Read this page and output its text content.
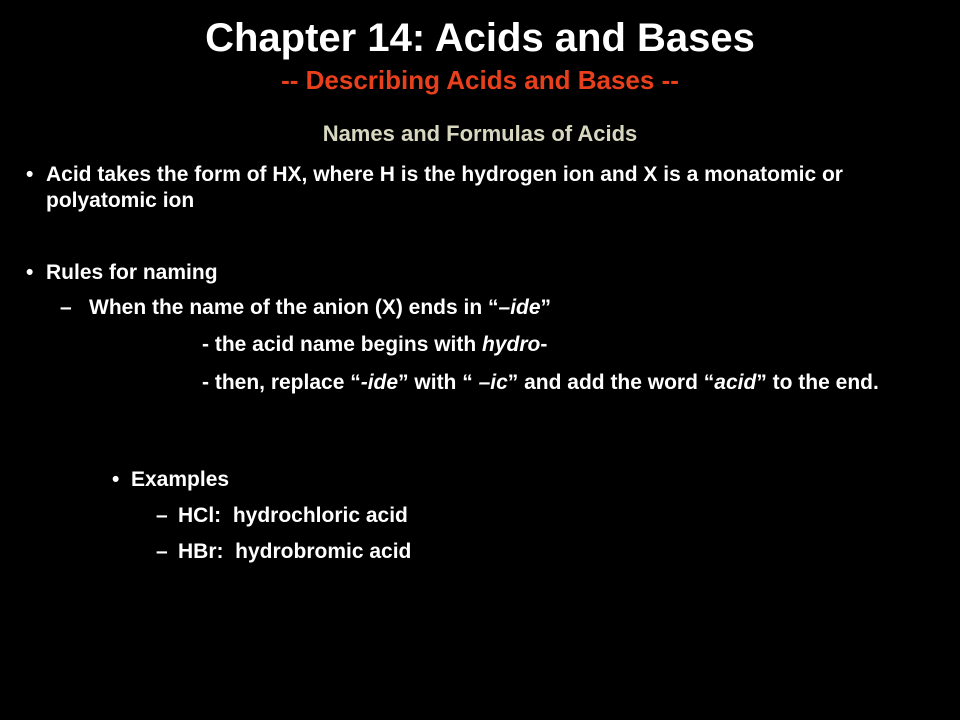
Chapter 14: Acids and Bases
-- Describing Acids and Bases --
Names and Formulas of Acids
• Acid takes the form of HX, where H is the hydrogen ion and X is a monatomic or polyatomic ion
• Rules for naming
– When the name of the anion (X) ends in “–ide”
- the acid name begins with hydro-
- then, replace “-ide” with “ –ic” and add the word “acid” to the end.
• Examples
– HCl:  hydrochloric acid
– HBr:  hydrobromic acid
